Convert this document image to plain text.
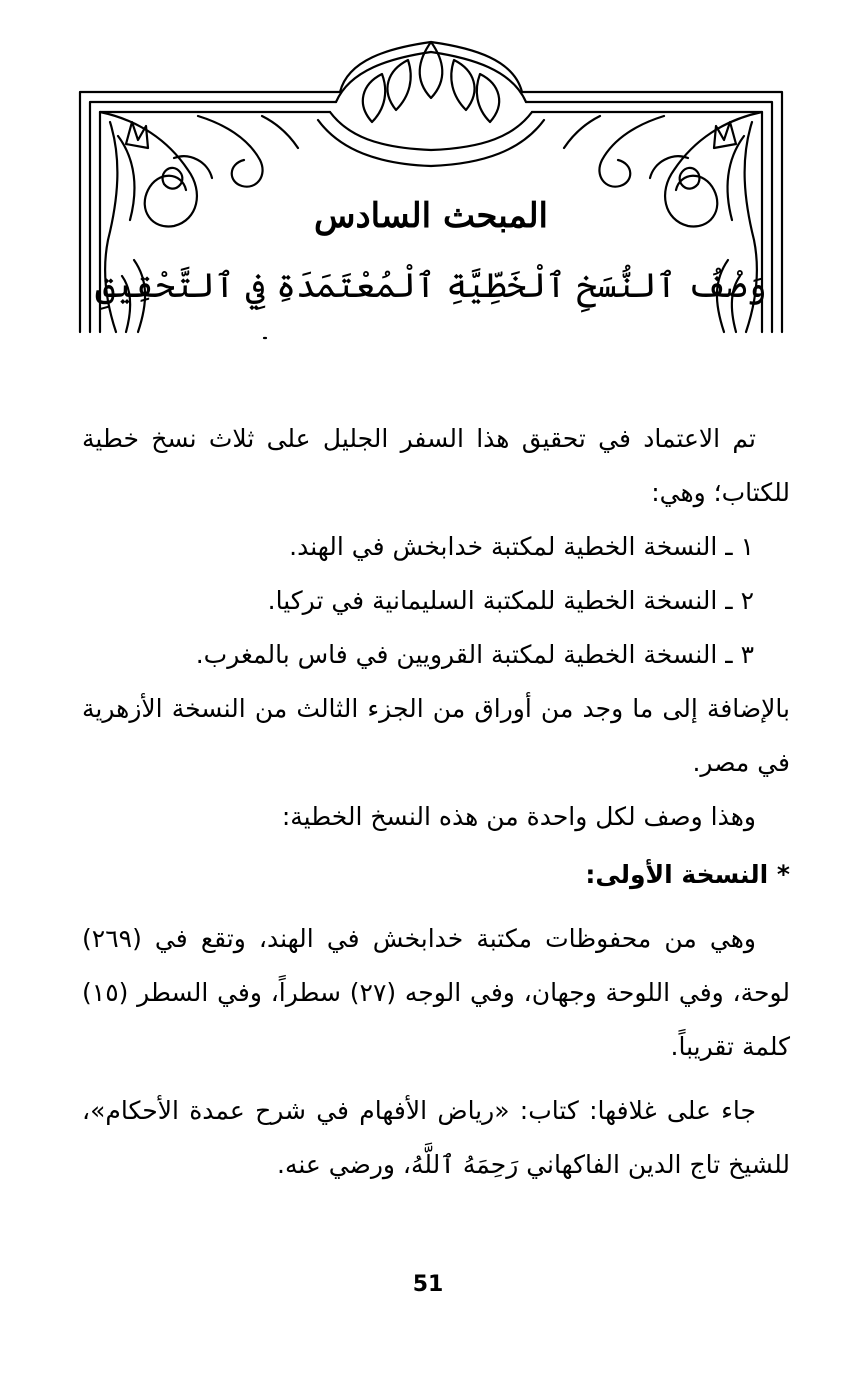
المبحث السادس
وَصْفُ ٱلنُّسَخِ ٱلْخَطِّيَّةِ ٱلْمُعْتَمَدَةِ فِي ٱلتَّحْقِيقِ

تم الاعتماد في تحقيق هذا السفر الجليل على ثلاث نسخ خطية للكتاب؛ وهي:

١ ـ النسخة الخطية لمكتبة خدابخش في الهند.

٢ ـ النسخة الخطية للمكتبة السليمانية في تركيا.

٣ ـ النسخة الخطية لمكتبة القرويين في فاس بالمغرب.

بالإضافة إلى ما وجد من أوراق من الجزء الثالث من النسخة الأزهرية في مصر.

وهذا وصف لكل واحدة من هذه النسخ الخطية:

* النسخة الأولى:

وهي من محفوظات مكتبة خدابخش في الهند، وتقع في (٢٦٩) لوحة، وفي اللوحة وجهان، وفي الوجه (٢٧) سطراً، وفي السطر (١٥) كلمة تقريباً.

جاء على غلافها: كتاب: «رياض الأفهام في شرح عمدة الأحكام»، للشيخ تاج الدين الفاكهاني رَحِمَهُ ٱللَّهُ، ورضي عنه.

51
